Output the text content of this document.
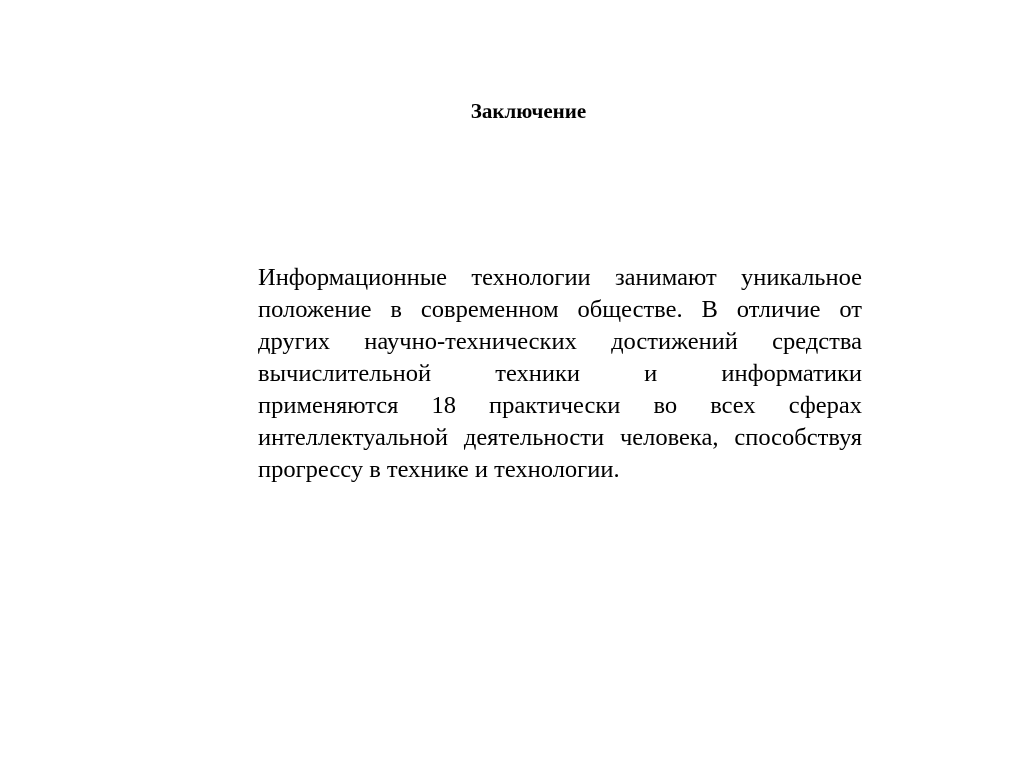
Заключение
Информационные технологии занимают уникальное
положение в современном обществе. В отличие от
других научно-технических достижений средства
вычислительной техники и информатики
применяются 18 практически во всех сферах
интеллектуальной деятельности человека, способствуя
прогрессу в технике и технологии.
